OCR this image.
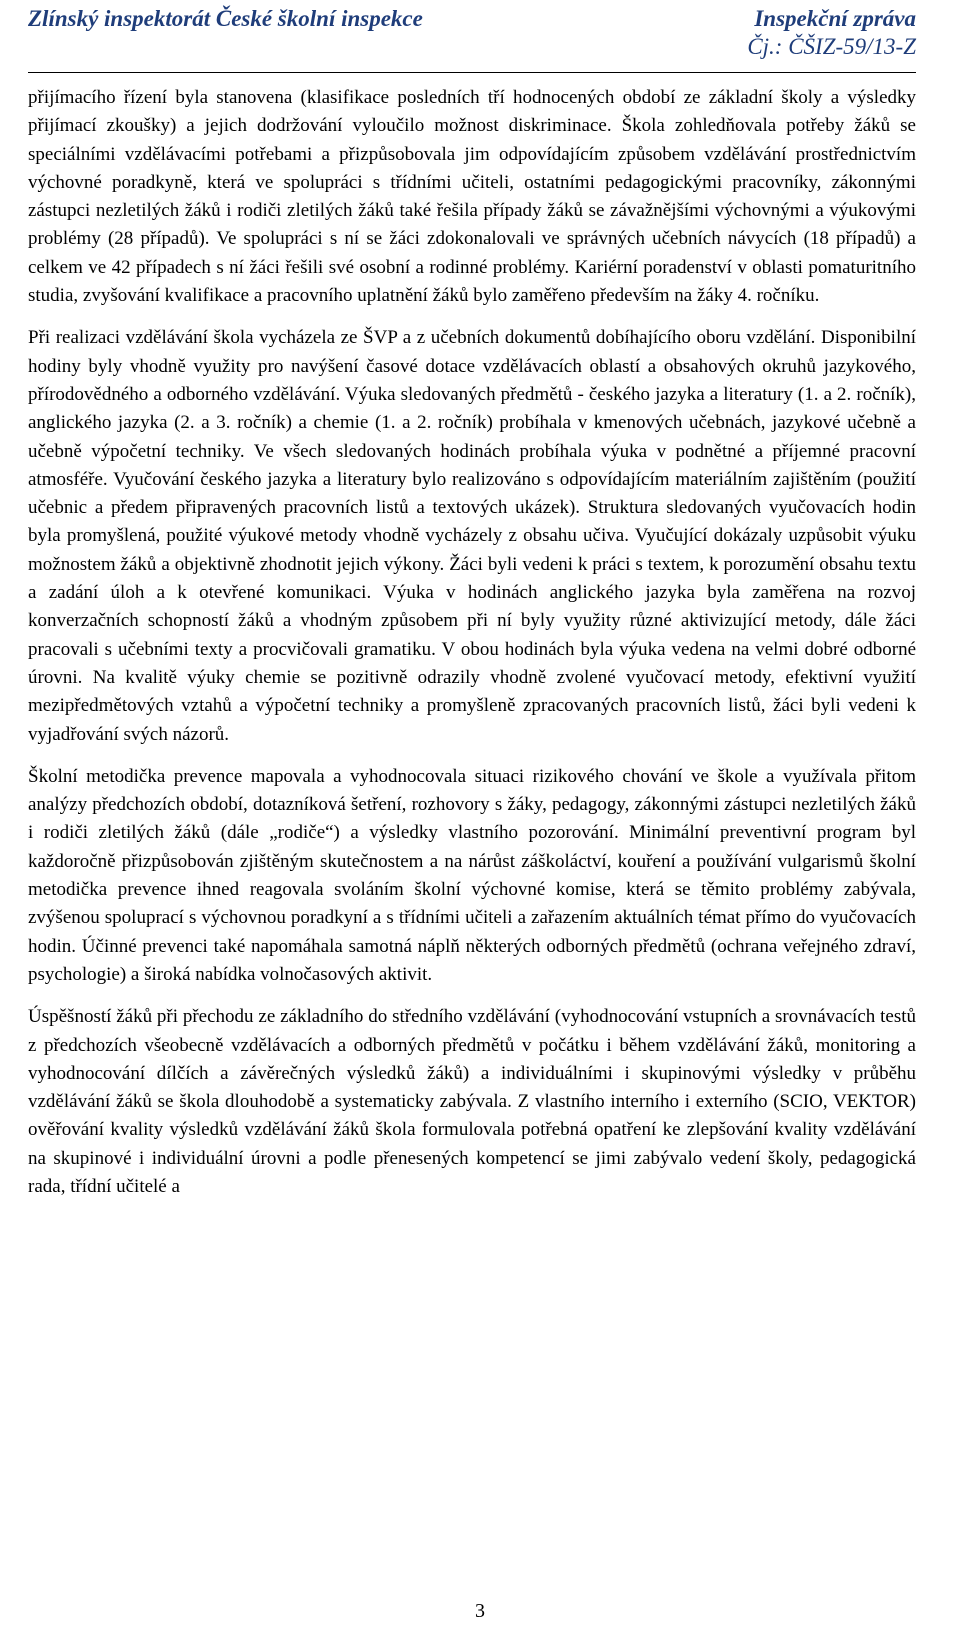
Zlínský inspektorát České školní inspekce	Inspekční zpráva
Čj.: ČŠIZ-59/13-Z

přijímacího řízení byla stanovena (klasifikace posledních tří hodnocených období ze základní školy a výsledky přijímací zkoušky) a jejich dodržování vyloučilo možnost diskriminace. Škola zohledňovala potřeby žáků se speciálními vzdělávacími potřebami a přizpůsobovala jim odpovídajícím způsobem vzdělávání prostřednictvím výchovné poradkyně, která ve spolupráci s třídními učiteli, ostatními pedagogickými pracovníky, zákonnými zástupci nezletilých žáků i rodiči zletilých žáků také řešila případy žáků se závažnějšími výchovnými a výukovými problémy (28 případů). Ve spolupráci s ní se žáci zdokonalovali ve správných učebních návycích (18 případů) a celkem ve 42 případech s ní žáci řešili své osobní a rodinné problémy. Kariérní poradenství v oblasti pomaturitního studia, zvyšování kvalifikace a pracovního uplatnění žáků bylo zaměřeno především na žáky 4. ročníku.

Při realizaci vzdělávání škola vycházela ze ŠVP a z učebních dokumentů dobíhajícího oboru vzdělání. Disponibilní hodiny byly vhodně využity pro navýšení časové dotace vzdělávacích oblastí a obsahových okruhů jazykového, přírodovědného a odborného vzdělávání. Výuka sledovaných předmětů - českého jazyka a literatury (1. a 2. ročník), anglického jazyka (2. a 3. ročník) a chemie (1. a 2. ročník) probíhala v kmenových učebnách, jazykové učebně a učebně výpočetní techniky. Ve všech sledovaných hodinách probíhala výuka v podnětné a příjemné pracovní atmosféře. Vyučování českého jazyka a literatury bylo realizováno s odpovídajícím materiálním zajištěním (použití učebnic a předem připravených pracovních listů a textových ukázek). Struktura sledovaných vyučovacích hodin byla promyšlená, použité výukové metody vhodně vycházely z obsahu učiva. Vyučující dokázaly uzpůsobit výuku možnostem žáků a objektivně zhodnotit jejich výkony. Žáci byli vedeni k práci s textem, k porozumění obsahu textu a zadání úloh a k otevřené komunikaci. Výuka v hodinách anglického jazyka byla zaměřena na rozvoj konverzačních schopností žáků a vhodným způsobem při ní byly využity různé aktivizující metody, dále žáci pracovali s učebními texty a procvičovali gramatiku. V obou hodinách byla výuka vedena na velmi dobré odborné úrovni. Na kvalitě výuky chemie se pozitivně odrazily vhodně zvolené vyučovací metody, efektivní využití mezipředmětových vztahů a výpočetní techniky a promyšleně zpracovaných pracovních listů, žáci byli vedeni k vyjadřování svých názorů.

Školní metodička prevence mapovala a vyhodnocovala situaci rizikového chování ve škole a využívala přitom analýzy předchozích období, dotazníková šetření, rozhovory s žáky, pedagogy, zákonnými zástupci nezletilých žáků i rodiči zletilých žáků (dále „rodiče“) a výsledky vlastního pozorování. Minimální preventivní program byl každoročně přizpůsobován zjištěným skutečnostem a na nárůst záškoláctví, kouření a používání vulgarismů školní metodička prevence ihned reagovala svoláním školní výchovné komise, která se těmito problémy zabývala, zvýšenou spoluprací s výchovnou poradkyní a s třídními učiteli a zařazením aktuálních témat přímo do vyučovacích hodin. Účinné prevenci také napomáhala samotná náplň některých odborných předmětů (ochrana veřejného zdraví, psychologie) a široká nabídka volnočasových aktivit.

Úspěšností žáků při přechodu ze základního do středního vzdělávání (vyhodnocování vstupních a srovnávacích testů z předchozích všeobecně vzdělávacích a odborných předmětů v počátku i během vzdělávání žáků, monitoring a vyhodnocování dílčích a závěrečných výsledků žáků) a individuálními i skupinovými výsledky v průběhu vzdělávání žáků se škola dlouhodobě a systematicky zabývala. Z vlastního interního i externího (SCIO, VEKTOR) ověřování kvality výsledků vzdělávání žáků škola formulovala potřebná opatření ke zlepšování kvality vzdělávání na skupinové i individuální úrovni a podle přenesených kompetencí se jimi zabývalo vedení školy, pedagogická rada, třídní učitelé a

3
